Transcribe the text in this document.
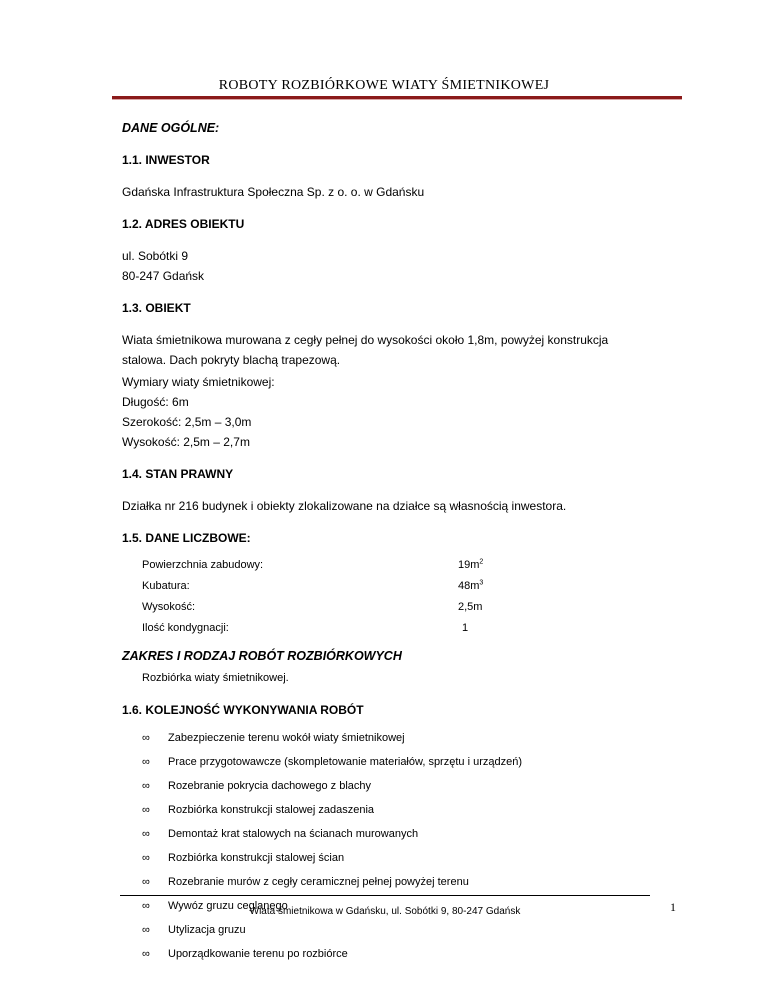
ROBOTY ROZBIÓRKOWE WIATY ŚMIETNIKOWEJ
DANE OGÓLNE:
1.1. INWESTOR
Gdańska Infrastruktura Społeczna Sp. z o. o. w Gdańsku
1.2. ADRES OBIEKTU
ul. Sobótki 9
80-247 Gdańsk
1.3. OBIEKT
Wiata śmietnikowa murowana z cegły pełnej do wysokości około 1,8m, powyżej konstrukcja
stalowa. Dach pokryty blachą trapezową.
Wymiary wiaty śmietnikowej:
Długość: 6m
Szerokość: 2,5m – 3,0m
Wysokość: 2,5m – 2,7m
1.4. STAN PRAWNY
Działka nr 216 budynek i obiekty zlokalizowane na działce są własnością inwestora.
1.5. DANE LICZBOWE:
Powierzchnia zabudowy:	$19m^2$
Kubatura:	$48m^3$
Wysokość:	2,5m
Ilość kondygnacji:	1
ZAKRES I RODZAJ ROBÓT ROZBIÓRKOWYCH
Rozbiórka wiaty śmietnikowej.
1.6. KOLEJNOŚĆ WYKONYWANIA ROBÓT
∞	Zabezpieczenie terenu wokół wiaty śmietnikowej
∞	Prace przygotowawcze (skompletowanie materiałów, sprzętu i urządzeń)
∞	Rozebranie pokrycia dachowego z blachy
∞	Rozbiórka konstrukcji stalowej zadaszenia
∞	Demontaż krat stalowych na ścianach murowanych
∞	Rozbiórka konstrukcji stalowej ścian
∞	Rozebranie murów z cegły ceramicznej pełnej powyżej terenu
∞	Wywóz gruzu ceglanego
∞	Utylizacja gruzu
∞	Uporządkowanie terenu po rozbiórce
Wiata śmietnikowa w Gdańsku, ul. Sobótki 9, 80-247 Gdańsk	1
